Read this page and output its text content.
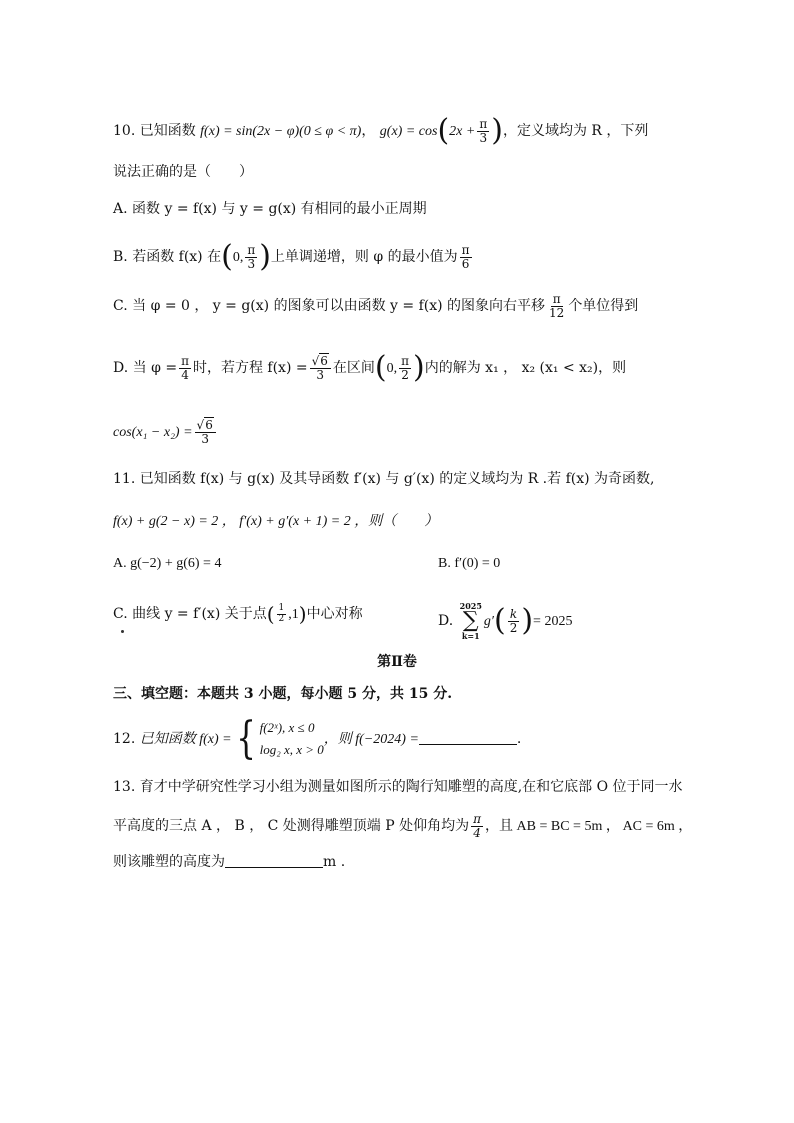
10. 已知函数 f(x) = sin(2x − φ)(0 ≤ φ < π)， $g(x) = \cos(2x + \frac{\pi}{3}$ )，定义域均为 R ，下列
说法正确的是（　　）
A. 函数 y = f(x) 与 y = g(x) 有相同的最小正周期
B. 若函数 f(x) 在(0, $\frac{\pi}{3}$ )上单调递增，则 φ 的最小值为 $\frac{\pi}{6}$
C. 当 φ = 0 ， y = g(x) 的图象可以由函数 y = f(x) 的图象向右平移 $\frac{\pi}{12}$ 个单位得到
D. 当 $\varphi = \frac{\pi}{4}$ 时，若方程 $f(x) = \frac{√6}{3}$ 在区间(0, $\frac{\pi}{2}$ )内的解为 x₁ ， x₂ (x₁ < x₂)，则
$\cos(x_1 - x_2) = \frac{√6}{3}$
11. 已知函数 f(x) 与 g(x) 及其导函数 f′(x) 与 g′(x) 的定义域均为 R .若 f(x) 为奇函数,
f(x) + g(2 − x) = 2 ， f′(x) + g′(x + 1) = 2 ，则（　　）
A. g(−2) + g(6) = 4	B. f′(0) = 0
C. 曲线 y = f′(x) 关于点( $\frac{1}{2} ,1$)中心对称	D.
2025
∑
k=1
$g'( \frac{k}{2}$ )= 2025
第Ⅱ卷
三、填空题：本题共 3 小题，每小题 5 分，共 15 分.
12. 已知函数 f(x) ={ f(2ˣ), x ≤ 0
log₂ x, x > 0
，则 f(−2024) =	.
13. 育才中学研究性学习小组为测量如图所示的陶行知雕塑的高度,在和它底部 O 位于同一水
平高度的三点 A ， B ， C 处测得雕塑顶端 P 处仰角均为 $\frac{\pi}{4}$ ，且 AB = BC = 5m ， AC = 6m ，
则该雕塑的高度为	m .
